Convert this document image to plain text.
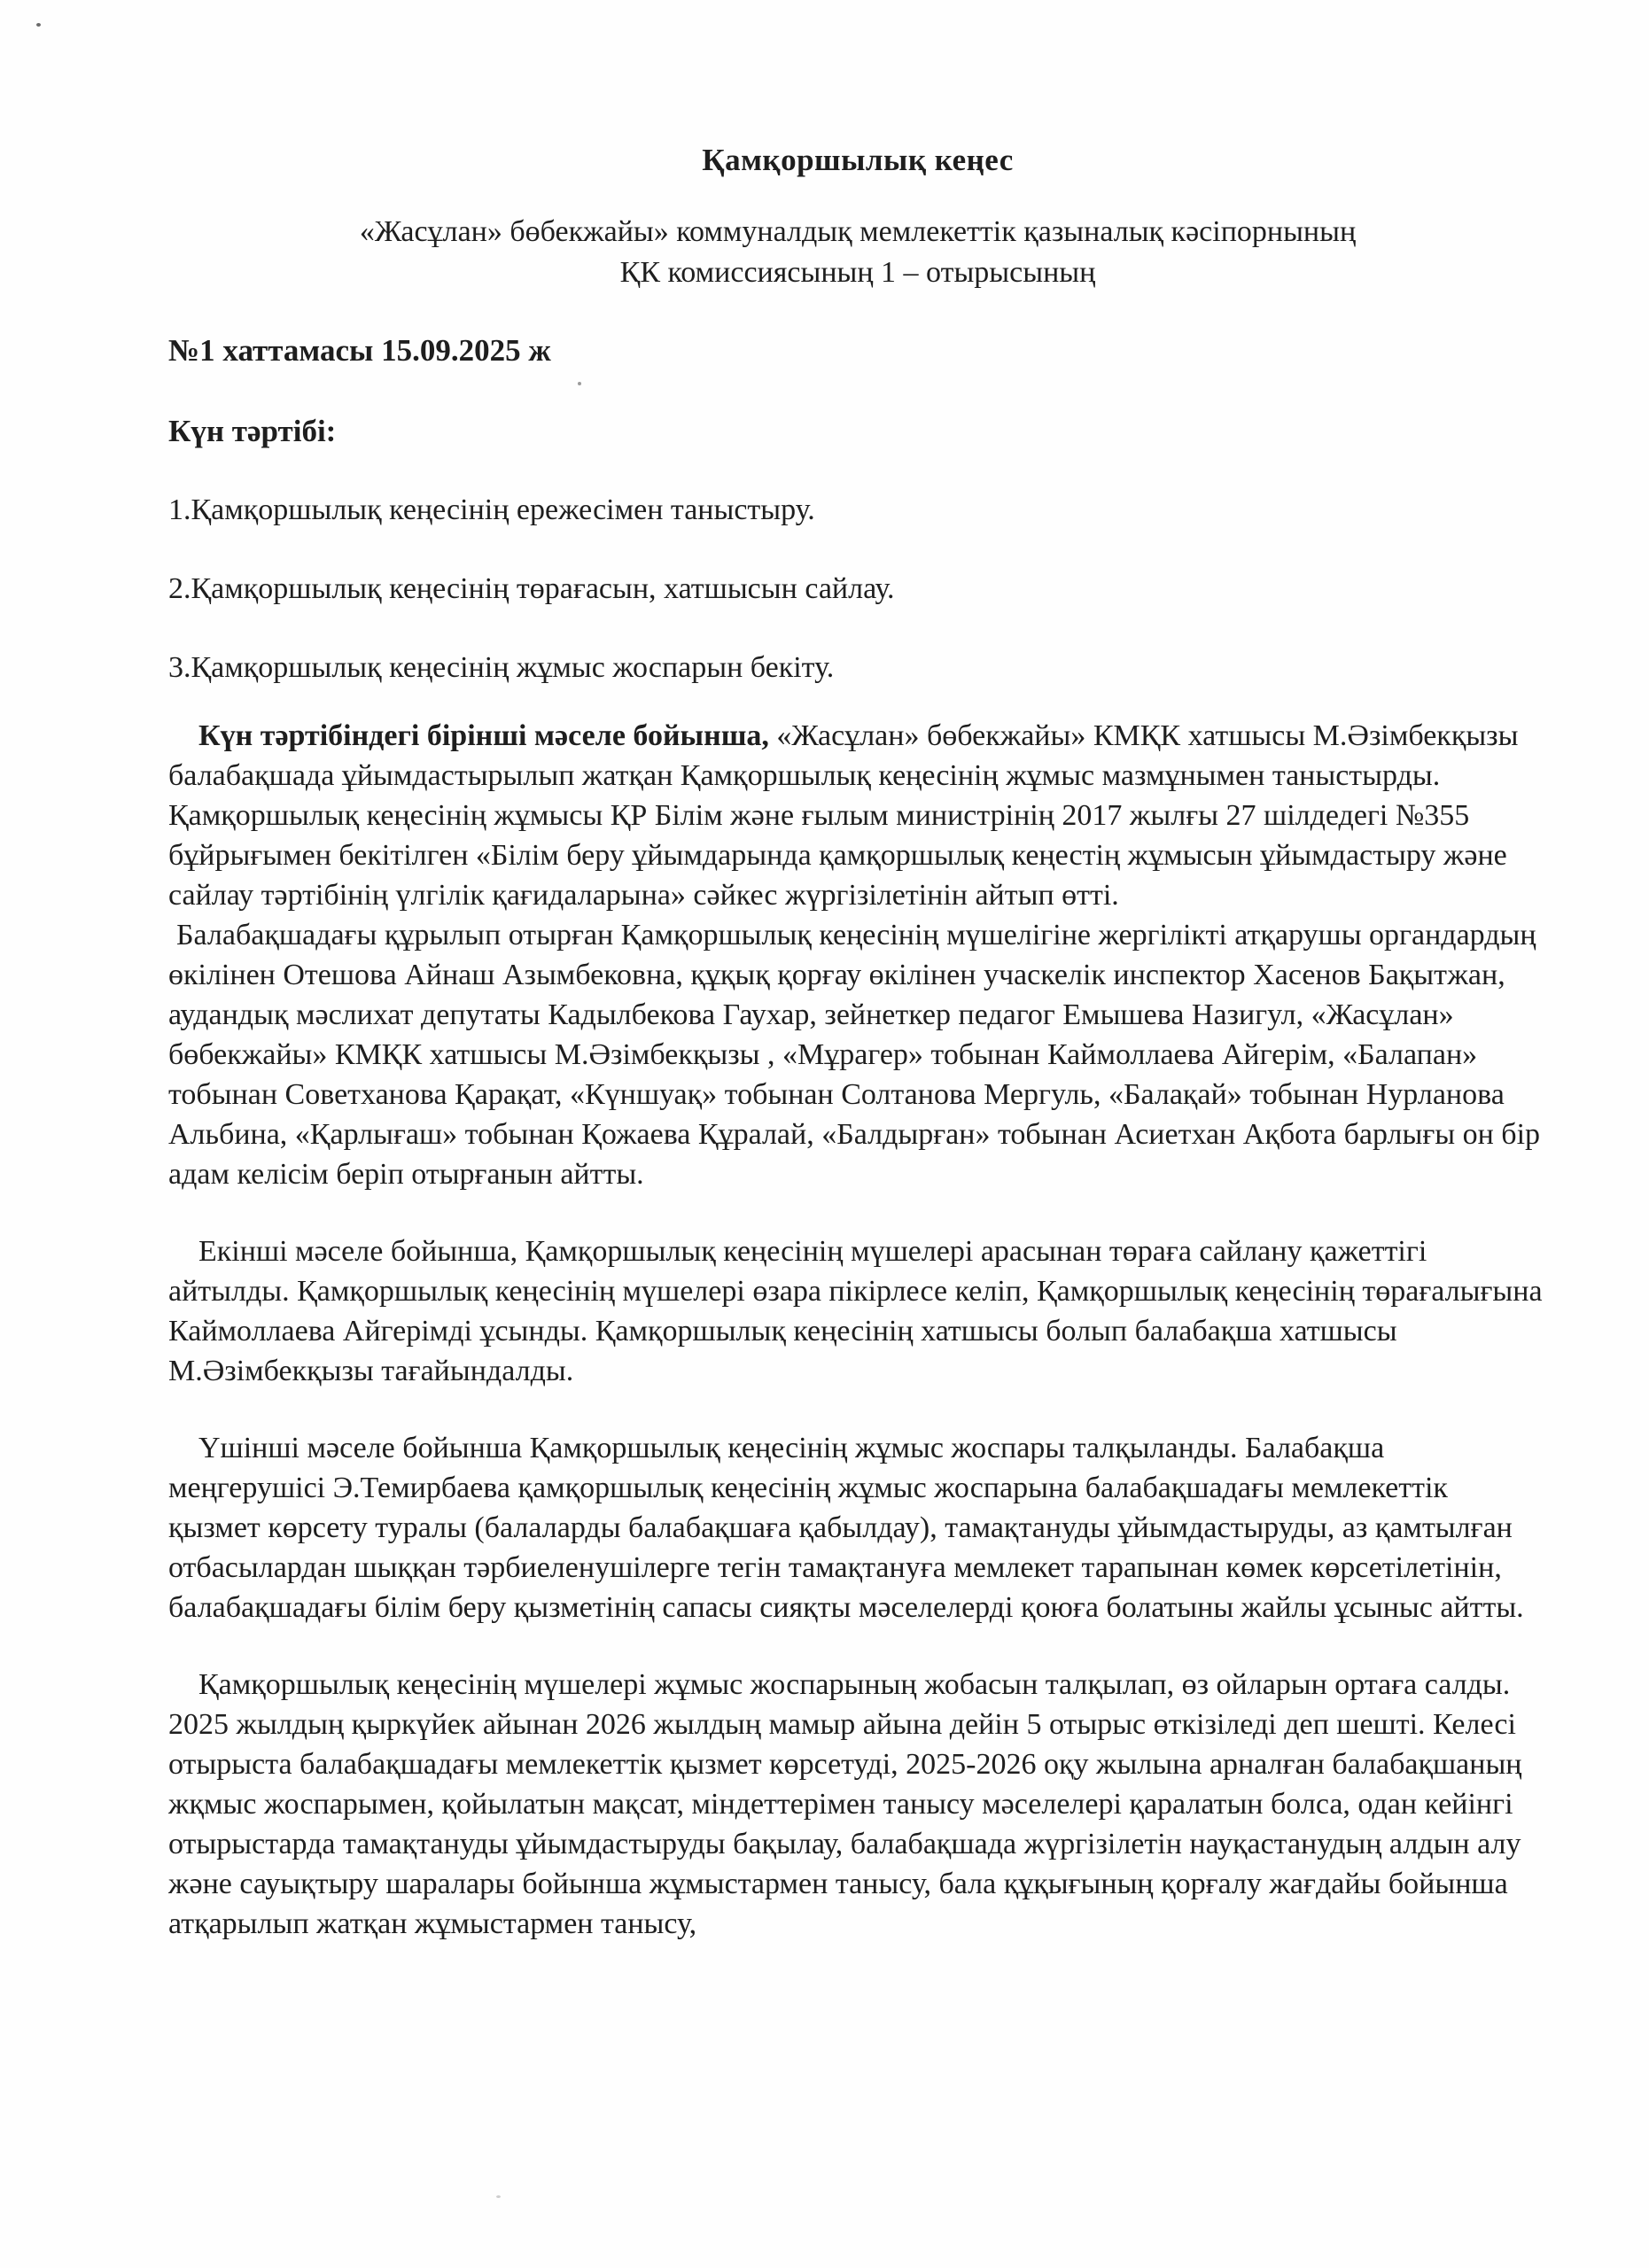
Қамқоршылық кеңес
«Жасұлан» бөбекжайы» коммуналдық мемлекеттік қазыналық кәсіпорнының
ҚК комиссиясының 1 – отырысының
№1 хаттамасы 15.09.2025 ж
Күн тәртібі:
1.Қамқоршылық кеңесінің ережесімен таныстыру.
2.Қамқоршылық кеңесінің төрағасын, хатшысын сайлау.
3.Қамқоршылық кеңесінің жұмыс жоспарын бекіту.
Күн тәртібіндегі бірінші мәселе бойынша, «Жасұлан» бөбекжайы» КМҚК хатшысы М.Әзімбекқызы балабақшада ұйымдастырылып жатқан Қамқоршылық кеңесінің жұмыс мазмұнымен таныстырды. Қамқоршылық кеңесінің жұмысы ҚР Білім және ғылым министрінің 2017 жылғы 27 шілдедегі №355 бұйрығымен бекітілген «Білім беру ұйымдарында қамқоршылық кеңестің жұмысын ұйымдастыру және сайлау тәртібінің үлгілік қағидаларына» сәйкес жүргізілетінін айтып өтті.
Балабақшадағы құрылып отырған Қамқоршылық кеңесінің мүшелігіне жергілікті атқарушы органдардың өкілінен Отешова Айнаш Азымбековна, құқық қорғау өкілінен учаскелік инспектор Хасенов Бақытжан, аудандық мәслихат депутаты Кадылбекова Гаухар, зейнеткер педагог Емышева Назигул, «Жасұлан» бөбекжайы» КМҚК хатшысы М.Әзімбекқызы , «Мұрагер» тобынан Каймоллаева Айгерім, «Балапан» тобынан Советханова Қарақат, «Күншуақ» тобынан Солтанова Мергуль, «Балақай» тобынан Нурланова Альбина, «Қарлығаш» тобынан Қожаева Құралай, «Балдырған» тобынан Асиетхан Ақбота барлығы он бір адам келісім беріп отырғанын айтты.
Екінші мәселе бойынша, Қамқоршылық кеңесінің мүшелері арасынан төраға сайлану қажеттігі айтылды. Қамқоршылық кеңесінің мүшелері өзара пікірлесе келіп, Қамқоршылық кеңесінің төрағалығына Каймоллаева Айгерімді ұсынды. Қамқоршылық кеңесінің хатшысы болып балабақша хатшысы М.Әзімбекқызы тағайындалды.
Үшінші мәселе бойынша Қамқоршылық кеңесінің жұмыс жоспары талқыланды. Балабақша меңгерушісі Э.Темирбаева қамқоршылық кеңесінің жұмыс жоспарына балабақшадағы мемлекеттік қызмет көрсету туралы (балаларды балабақшаға қабылдау), тамақтануды ұйымдастыруды, аз қамтылған отбасылардан шыққан тәрбиеленушілерге тегін тамақтануға мемлекет тарапынан көмек көрсетілетінін, балабақшадағы білім беру қызметінің сапасы сияқты мәселелерді қоюға болатыны жайлы ұсыныс айтты.
Қамқоршылық кеңесінің мүшелері жұмыс жоспарының жобасын талқылап, өз ойларын ортаға салды. 2025 жылдың қыркүйек айынан 2026 жылдың мамыр айына дейін 5 отырыс өткізіледі деп шешті. Келесі отырыста балабақшадағы мемлекеттік қызмет көрсетуді, 2025-2026 оқу жылына арналған балабақшаның жқмыс жоспарымен, қойылатын мақсат, міндеттерімен танысу мәселелері қаралатын болса, одан кейінгі отырыстарда тамақтануды ұйымдастыруды бақылау, балабақшада жүргізілетін науқастанудың алдын алу және сауықтыру шаралары бойынша жұмыстармен танысу, бала құқығының қорғалу жағдайы бойынша атқарылып жатқан жұмыстармен танысу,
